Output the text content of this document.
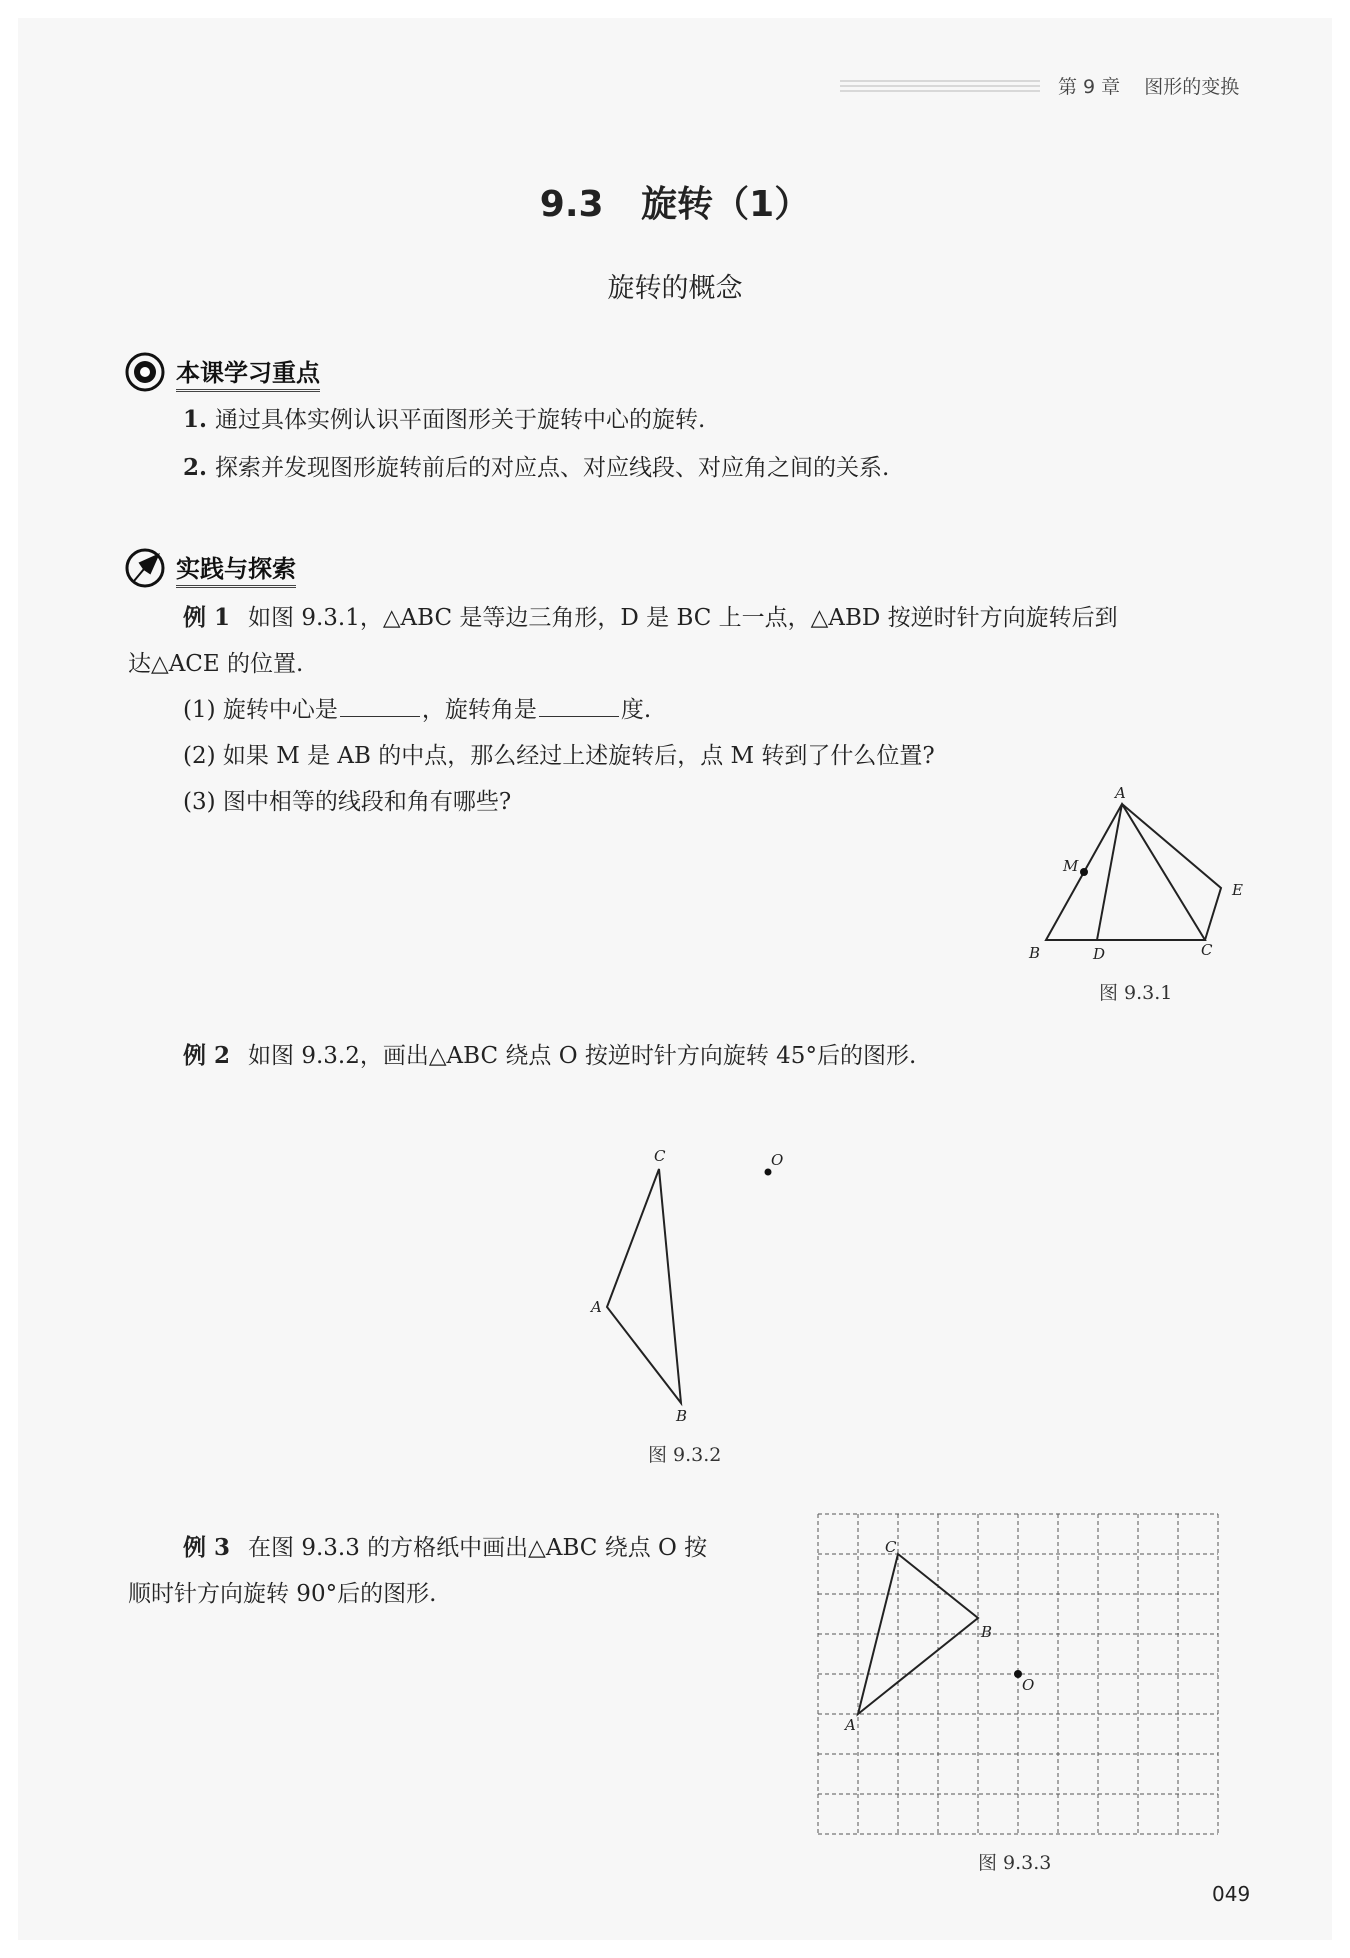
第 9 章 图形的变换
9.3   旋转（1）
旋转的概念
本课学习重点
1. 通过具体实例认识平面图形关于旋转中心的旋转.
2. 探索并发现图形旋转前后的对应点、对应线段、对应角之间的关系.
实践与探索
例 1 如图 9.3.1，△ABC 是等边三角形，D 是 BC 上一点，△ABD 按逆时针方向旋转后到
达△ACE 的位置.
(1) 旋转中心是	，旋转角是	度.
(2) 如果 M 是 AB 的中点，那么经过上述旋转后，点 M 转到了什么位置?
(3) 图中相等的线段和角有哪些?	A
M
E
B	D	C
图 9.3.1
例 2 如图 9.3.2，画出△ABC 绕点 O 按逆时针方向旋转 45°后的图形.
C	O
A
B
图 9.3.2
例 3 在图 9.3.3 的方格纸中画出△ABC 绕点 O 按
顺时针方向旋转 90°后的图形.
C
B
O
A
图 9.3.3
049
